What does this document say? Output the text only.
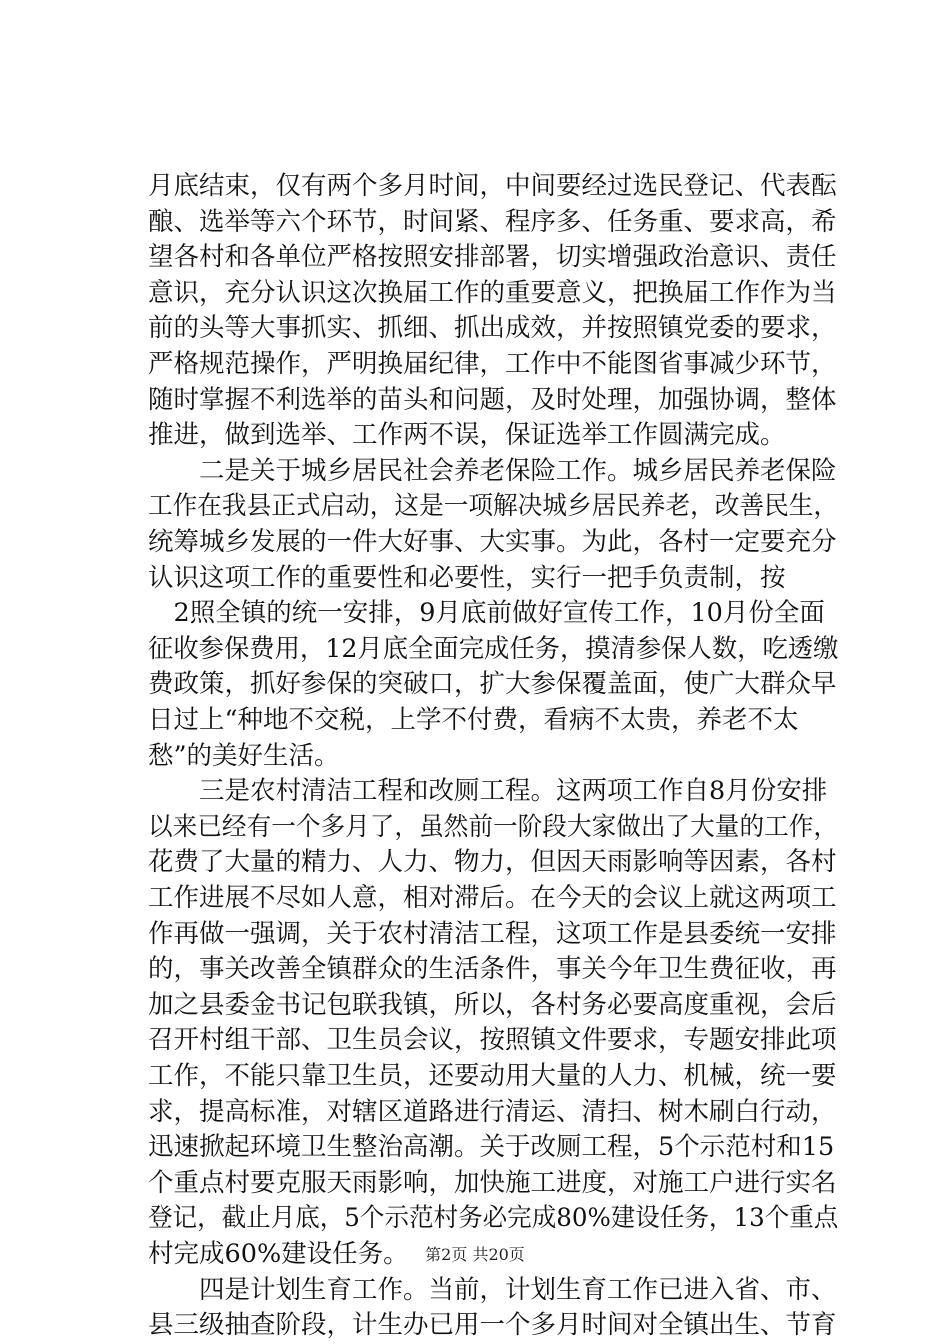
月底结束，仅有两个多月时间，中间要经过选民登记、代表酝
酿、选举等六个环节，时间紧、程序多、任务重、要求高，希
望各村和各单位严格按照安排部署，切实增强政治意识、责任
意识，充分认识这次换届工作的重要意义，把换届工作作为当
前的头等大事抓实、抓细、抓出成效，并按照镇党委的要求，
严格规范操作，严明换届纪律，工作中不能图省事减少环节，
随时掌握不利选举的苗头和问题，及时处理，加强协调，整体
推进，做到选举、工作两不误，保证选举工作圆满完成。
　　二是关于城乡居民社会养老保险工作。城乡居民养老保险
工作在我县正式启动，这是一项解决城乡居民养老，改善民生，
统筹城乡发展的一件大好事、大实事。为此，各村一定要充分
认识这项工作的重要性和必要性，实行一把手负责制，按
　2照全镇的统一安排，9月底前做好宣传工作，10月份全面
征收参保费用，12月底全面完成任务，摸清参保人数，吃透缴
费政策，抓好参保的突破口，扩大参保覆盖面，使广大群众早
日过上“种地不交税，上学不付费，看病不太贵，养老不太
愁”的美好生活。
　　三是农村清洁工程和改厕工程。这两项工作自8月份安排
以来已经有一个多月了，虽然前一阶段大家做出了大量的工作，
花费了大量的精力、人力、物力，但因天雨影响等因素，各村
工作进展不尽如人意，相对滞后。在今天的会议上就这两项工
作再做一强调，关于农村清洁工程，这项工作是县委统一安排
的，事关改善全镇群众的生活条件，事关今年卫生费征收，再
加之县委金书记包联我镇，所以，各村务必要高度重视，会后
召开村组干部、卫生员会议，按照镇文件要求，专题安排此项
工作，不能只靠卫生员，还要动用大量的人力、机械，统一要
求，提高标准，对辖区道路进行清运、清扫、树木刷白行动，
迅速掀起环境卫生整治高潮。关于改厕工程，5个示范村和15
个重点村要克服天雨影响，加快施工进度，对施工户进行实名
登记，截止月底，5个示范村务必完成80%建设任务，13个重点
村完成60%建设任务。
　　四是计划生育工作。当前，计划生育工作已进入省、市、
县三级抽查阶段，计生办已用一个多月时间对全镇出生、节育
第2页 共20页
